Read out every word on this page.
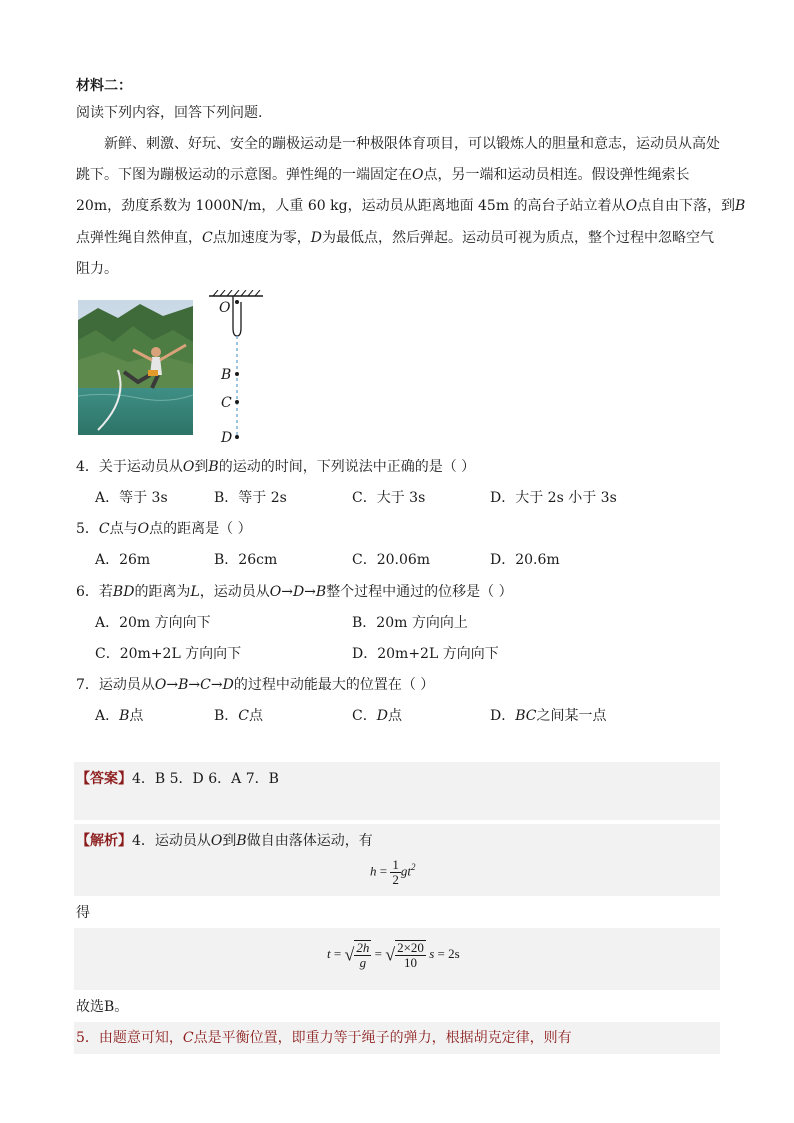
材料二：
阅读下列内容，回答下列问题.
新鲜、刺激、好玩、安全的蹦极运动是一种极限体育项目，可以锻炼人的胆量和意志，运动员从高处
跳下。下图为蹦极运动的示意图。弹性绳的一端固定在O点，另一端和运动员相连。假设弹性绳索长
20m，劲度系数为 1000N/m，人重 60 kg，运动员从距离地面 45m 的高台子站立着从O点自由下落，到B
点弹性绳自然伸直，C点加速度为零，D为最低点，然后弹起。运动员可视为质点，整个过程中忽略空气
阻力。
O
B
C
D
4．关于运动员从O到B的运动的时间，下列说法中正确的是（ ）
A．等于 3s	B．等于 2s	C．大于 3s	D．大于 2s 小于 3s
5．C点与O点的距离是（ ）
A．26m	B．26cm	C．20.06m	D．20.6m
6．若BD的距离为L，运动员从O→D→B整个过程中通过的位移是（ ）
A．20m 方向向下	B．20m 方向向上
C．20m+2L 方向向下	D．20m+2L 方向向下
7．运动员从O→B→C→D的过程中动能最大的位置在（ ）
A．B点	B．C点	C．D点	D．BC之间某一点
【答案】4．B 5．D 6．A 7．B
【解析】4．运动员从O到B做自由落体运动，有
$h = \frac{1}{2} gt^2$
得
t = √ $\frac{2h}{g}$ = √ $\frac{2\times 20}{10}$ s = 2s
故选B。
5．由题意可知，C点是平衡位置，即重力等于绳子的弹力，根据胡克定律，则有
